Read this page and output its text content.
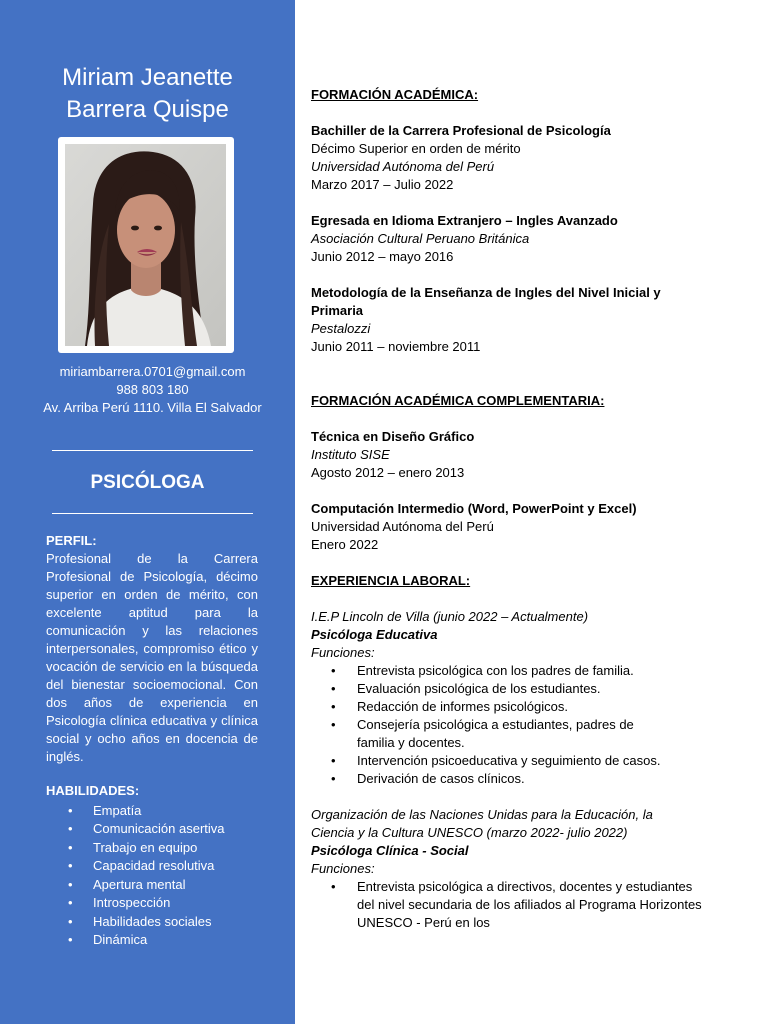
Miriam Jeanette Barrera Quispe
miriambarrera.0701@gmail.com
988 803 180
Av. Arriba Perú 1110. Villa El Salvador
PSICÓLOGA
PERFIL:
Profesional de la Carrera Profesional de Psicología, décimo superior en orden de mérito, con excelente aptitud para la comunicación y las relaciones interpersonales, compromiso ético y vocación de servicio en la búsqueda del bienestar socioemocional. Con dos años de experiencia en Psicología clínica educativa y clínica social y ocho años en docencia de inglés.
HABILIDADES:
• Empatía
• Comunicación asertiva
• Trabajo en equipo
• Capacidad resolutiva
• Apertura mental
• Introspección
• Habilidades sociales
• Dinámica
FORMACIÓN ACADÉMICA:
Bachiller de la Carrera Profesional de Psicología
Décimo Superior en orden de mérito
Universidad Autónoma del Perú
Marzo 2017 – Julio 2022
Egresada en Idioma Extranjero – Ingles Avanzado
Asociación Cultural Peruano Británica
Junio 2012 – mayo 2016
Metodología de la Enseñanza de Ingles del Nivel Inicial y Primaria
Pestalozzi
Junio 2011 – noviembre 2011
FORMACIÓN ACADÉMICA COMPLEMENTARIA:
Técnica en Diseño Gráfico
Instituto SISE
Agosto 2012 – enero 2013
Computación Intermedio (Word, PowerPoint y Excel)
Universidad Autónoma del Perú
Enero 2022
EXPERIENCIA LABORAL:
I.E.P Lincoln de Villa (junio 2022 – Actualmente)
Psicóloga Educativa
Funciones:
• Entrevista psicológica con los padres de familia.
• Evaluación psicológica de los estudiantes.
• Redacción de informes psicológicos.
• Consejería psicológica a estudiantes, padres de familia y docentes.
• Intervención psicoeducativa y seguimiento de casos.
• Derivación de casos clínicos.
Organización de las Naciones Unidas para la Educación, la Ciencia y la Cultura UNESCO (marzo 2022- julio 2022)
Psicóloga Clínica - Social
Funciones:
• Entrevista psicológica a directivos, docentes y estudiantes del nivel secundaria de los afiliados al Programa Horizontes UNESCO - Perú en los
